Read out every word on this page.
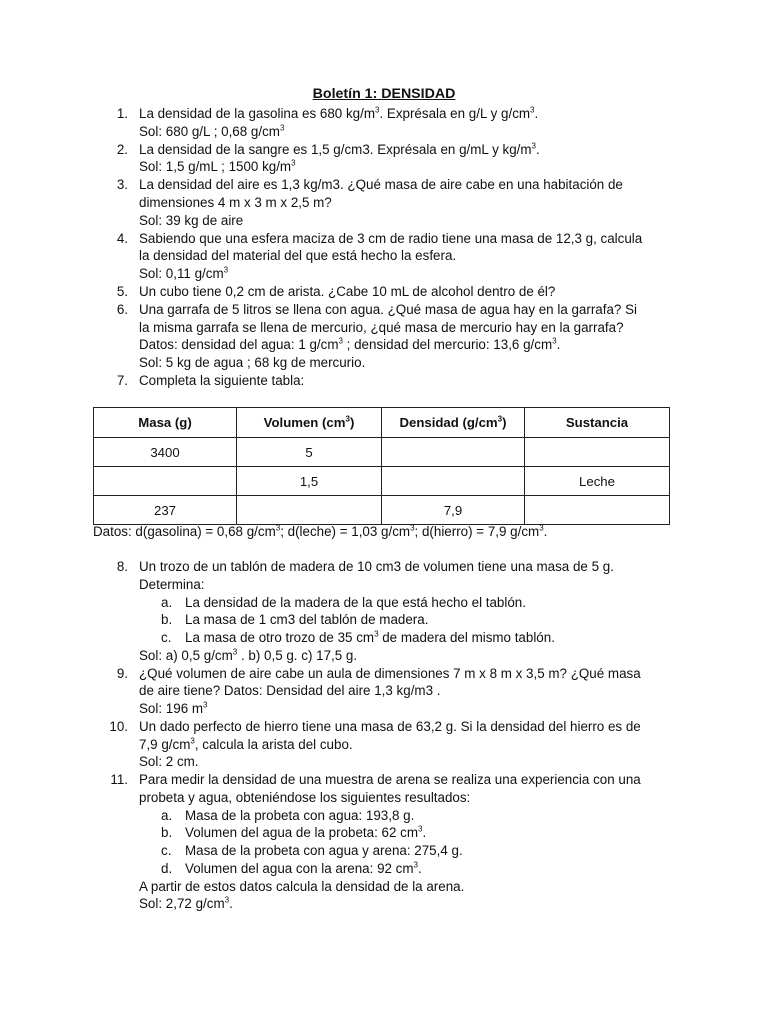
Boletín 1: DENSIDAD
1. La densidad de la gasolina es 680 $kg/m^3$. Exprésala en g/L y $g/cm^3$.
Sol: 680 g/L ; 0,68 $g/cm^3$
2. La densidad de la sangre es 1,5 g/cm3. Exprésala en g/mL y $kg/m^3$.
Sol: 1,5 g/mL ; 1500 $kg/m^3$
3. La densidad del aire es 1,3 kg/m3. ¿Qué masa de aire cabe en una habitación de
dimensiones 4 m x 3 m x 2,5 m?
Sol: 39 kg de aire
4. Sabiendo que una esfera maciza de 3 cm de radio tiene una masa de 12,3 g, calcula
la densidad del material del que está hecho la esfera.
Sol: 0,11 $g/cm^3$
5. Un cubo tiene 0,2 cm de arista. ¿Cabe 10 mL de alcohol dentro de él?
6. Una garrafa de 5 litros se llena con agua. ¿Qué masa de agua hay en la garrafa? Si
la misma garrafa se llena de mercurio, ¿qué masa de mercurio hay en la garrafa?
Datos: densidad del agua: 1 $g/cm^3$ ; densidad del mercurio: 13,6 $g/cm^3$.
Sol: 5 kg de agua ; 68 kg de mercurio.
7. Completa la siguiente tabla:
Masa (g)	Volumen $(cm^3)$	Densidad $(g/cm^3)$	Sustancia
3400	5		
	1,5		Leche
237		7,9	
Datos: d(gasolina) = 0,68 $g/cm^3$; d(leche) = 1,03 $g/cm^3$; d(hierro) = 7,9 $g/cm^3$.
8. Un trozo de un tablón de madera de 10 cm3 de volumen tiene una masa de 5 g.
Determina:
a. La densidad de la madera de la que está hecho el tablón.
b. La masa de 1 cm3 del tablón de madera.
c. La masa de otro trozo de 35 $cm^3$ de madera del mismo tablón.
Sol: a) 0,5 $g/cm^3$ . b) 0,5 g. c) 17,5 g.
9. ¿Qué volumen de aire cabe un aula de dimensiones 7 m x 8 m x 3,5 m? ¿Qué masa
de aire tiene? Datos: Densidad del aire 1,3 kg/m3 .
Sol: 196 $m^3$
10. Un dado perfecto de hierro tiene una masa de 63,2 g. Si la densidad del hierro es de
7,9 $g/cm^3$, calcula la arista del cubo.
Sol: 2 cm.
11. Para medir la densidad de una muestra de arena se realiza una experiencia con una
probeta y agua, obteniéndose los siguientes resultados:
a. Masa de la probeta con agua: 193,8 g.
b. Volumen del agua de la probeta: 62 $cm^3$.
c. Masa de la probeta con agua y arena: 275,4 g.
d. Volumen del agua con la arena: 92 $cm^3$.
A partir de estos datos calcula la densidad de la arena.
Sol: 2,72 $g/cm^3$.
